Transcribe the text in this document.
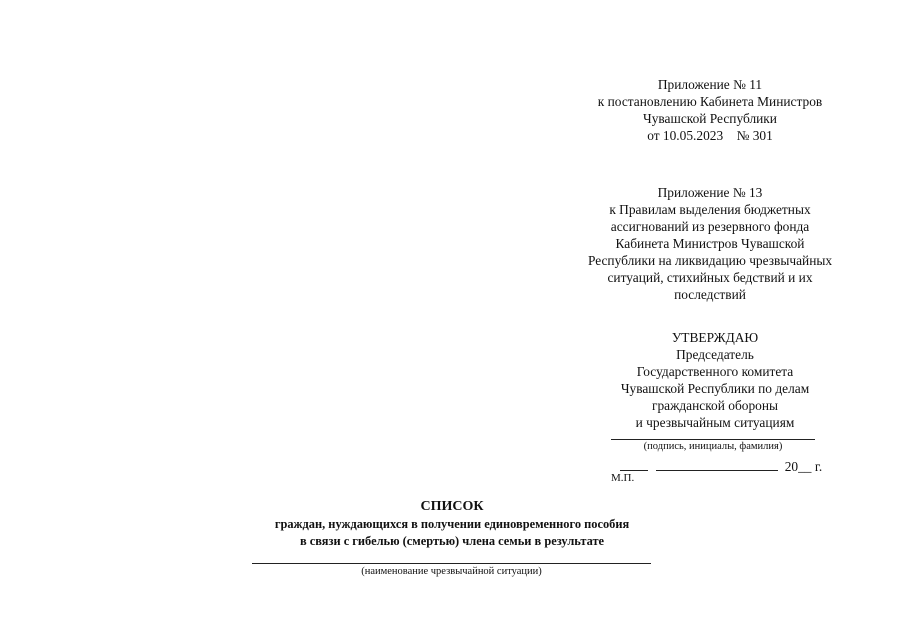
Приложение № 11
к постановлению Кабинета Министров
Чувашской Республики
от 10.05.2023    № 301
Приложение № 13
к Правилам выделения бюджетных
ассигнований из резервного фонда
Кабинета Министров Чувашской
Республики на ликвидацию чрезвычайных
ситуаций, стихийных бедствий и их
последствий
УТВЕРЖДАЮ
Председатель
Государственного комитета
Чувашской Республики по делам
гражданской обороны
и чрезвычайным ситуациям
(подпись, инициалы, фамилия)
20__ г.
М.П.
СПИСОК
граждан, нуждающихся в получении единовременного пособия
в связи с гибелью (смертью) члена семьи в результате
(наименование чрезвычайной ситуации)
